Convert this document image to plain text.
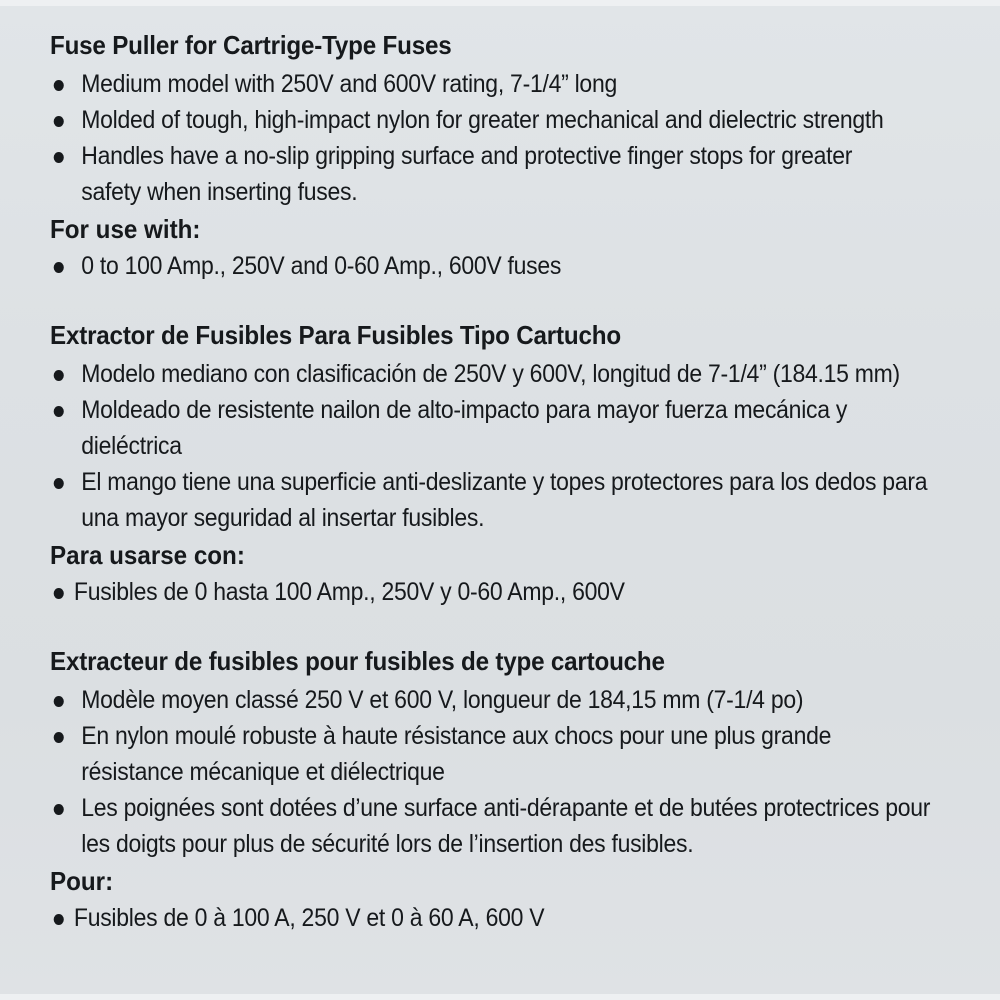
Fuse Puller for Cartrige-Type Fuses
Medium model with 250V and 600V rating, 7-1/4” long
Molded of tough, high-impact nylon for greater mechanical and dielectric strength
Handles have a no-slip gripping surface and protective finger stops for greater safety when inserting fuses.
For use with:
0 to 100 Amp., 250V and 0-60 Amp., 600V fuses
Extractor de Fusibles Para Fusibles Tipo Cartucho
Modelo mediano con clasificación de 250V y 600V, longitud de 7-1/4” (184.15 mm)
Moldeado de resistente nailon de alto-impacto para mayor fuerza mecánica y dieléctrica
El mango tiene una superficie anti-deslizante y topes protectores para los dedos para una mayor seguridad al insertar fusibles.
Para usarse con:
Fusibles de 0 hasta 100 Amp., 250V y 0-60 Amp., 600V
Extracteur de fusibles pour fusibles de type cartouche
Modèle moyen classé 250 V et 600 V, longueur de 184,15 mm (7-1/4 po)
En nylon moulé robuste à haute résistance aux chocs pour une plus grande résistance mécanique et diélectrique
Les poignées sont dotées d’une surface anti-dérapante et de butées protectrices pour les doigts pour plus de sécurité lors de l’insertion des fusibles.
Pour:
Fusibles de 0 à 100 A, 250 V et 0 à 60 A, 600 V
